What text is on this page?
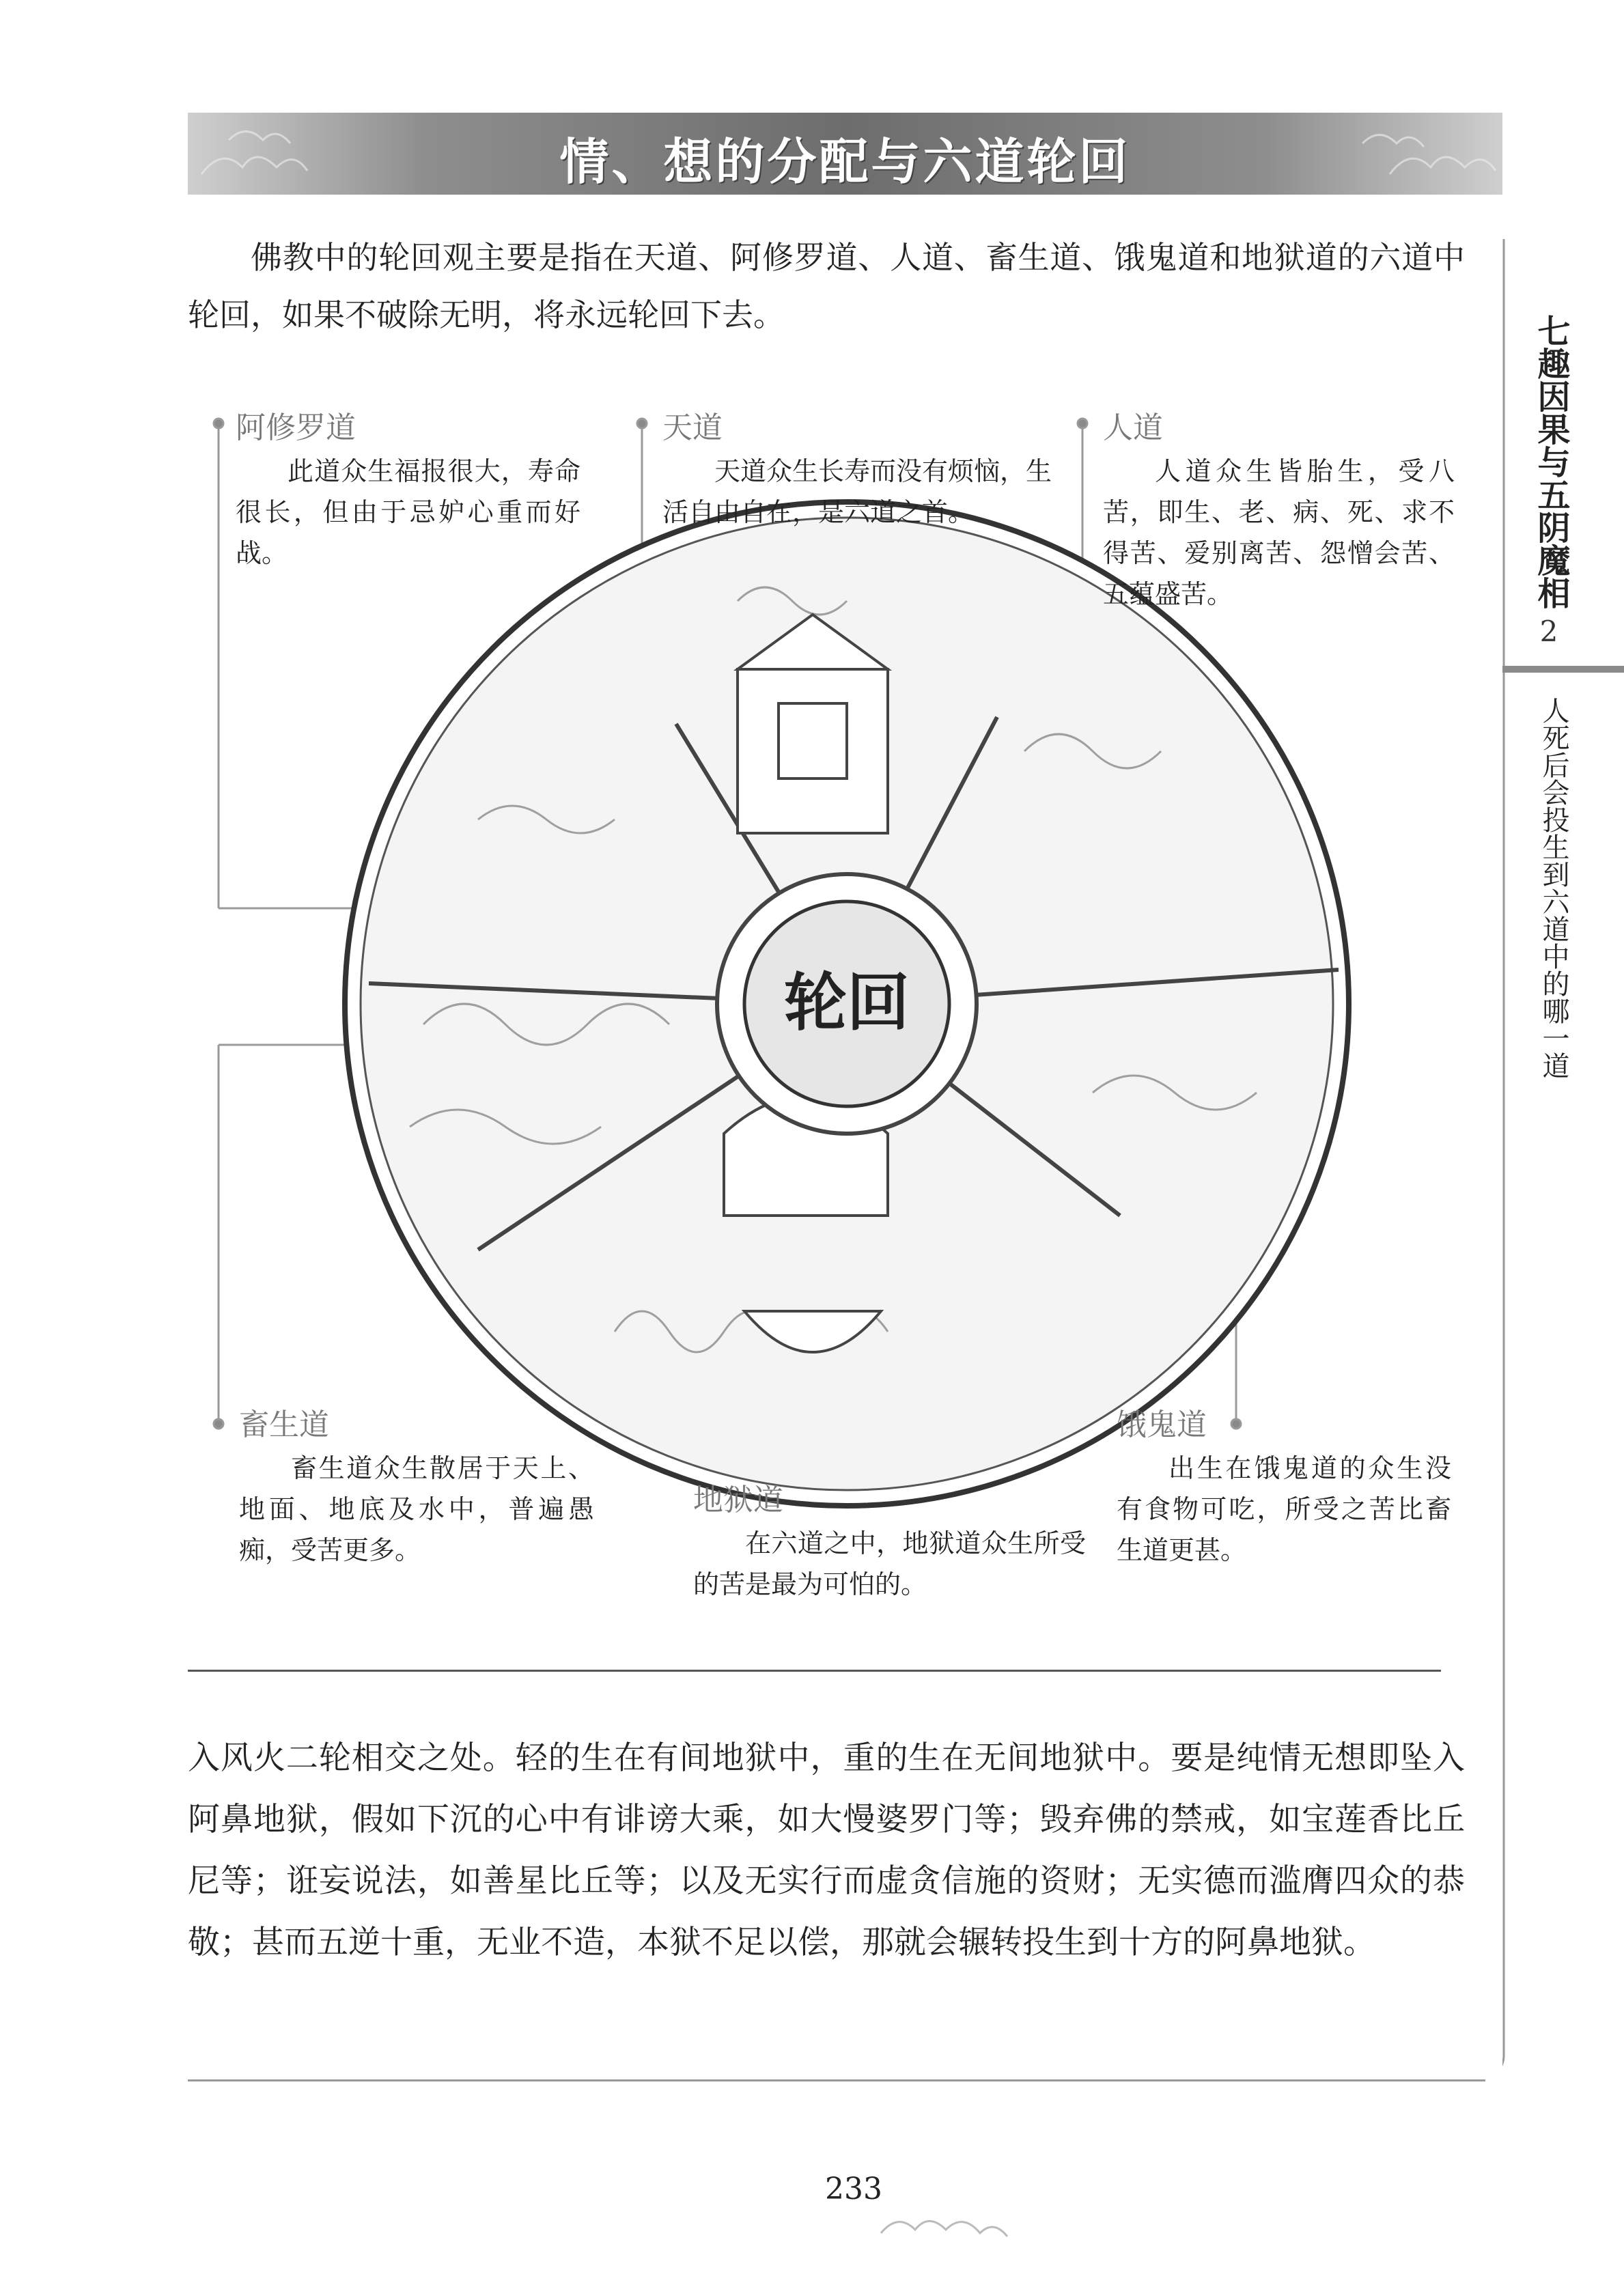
情、想的分配与六道轮回
佛教中的轮回观主要是指在天道、阿修罗道、人道、畜生道、饿鬼道和地狱道的六道中轮回，如果不破除无明，将永远轮回下去。	七趣因果与五阴魔相
2
人死后会投生到六道中的哪一道
轮回
阿修罗道
此道众生福报很大，寿命很长，但由于忌妒心重而好战。
天道
天道众生长寿而没有烦恼，生活自由自在，是六道之首。
人道
人道众生皆胎生，受八苦，即生、老、病、死、求不得苦、爱别离苦、怨憎会苦、五蕴盛苦。
畜生道
畜生道众生散居于天上、地面、地底及水中，普遍愚痴，受苦更多。
地狱道
在六道之中，地狱道众生所受的苦是最为可怕的。
饿鬼道
出生在饿鬼道的众生没有食物可吃，所受之苦比畜生道更甚。
入风火二轮相交之处。轻的生在有间地狱中，重的生在无间地狱中。要是纯情无想即坠入阿鼻地狱，假如下沉的心中有诽谤大乘，如大慢婆罗门等；毁弃佛的禁戒，如宝莲香比丘尼等；诳妄说法，如善星比丘等；以及无实行而虚贪信施的资财；无实德而滥膺四众的恭敬；甚而五逆十重，无业不造，本狱不足以偿，那就会辗转投生到十方的阿鼻地狱。
233
